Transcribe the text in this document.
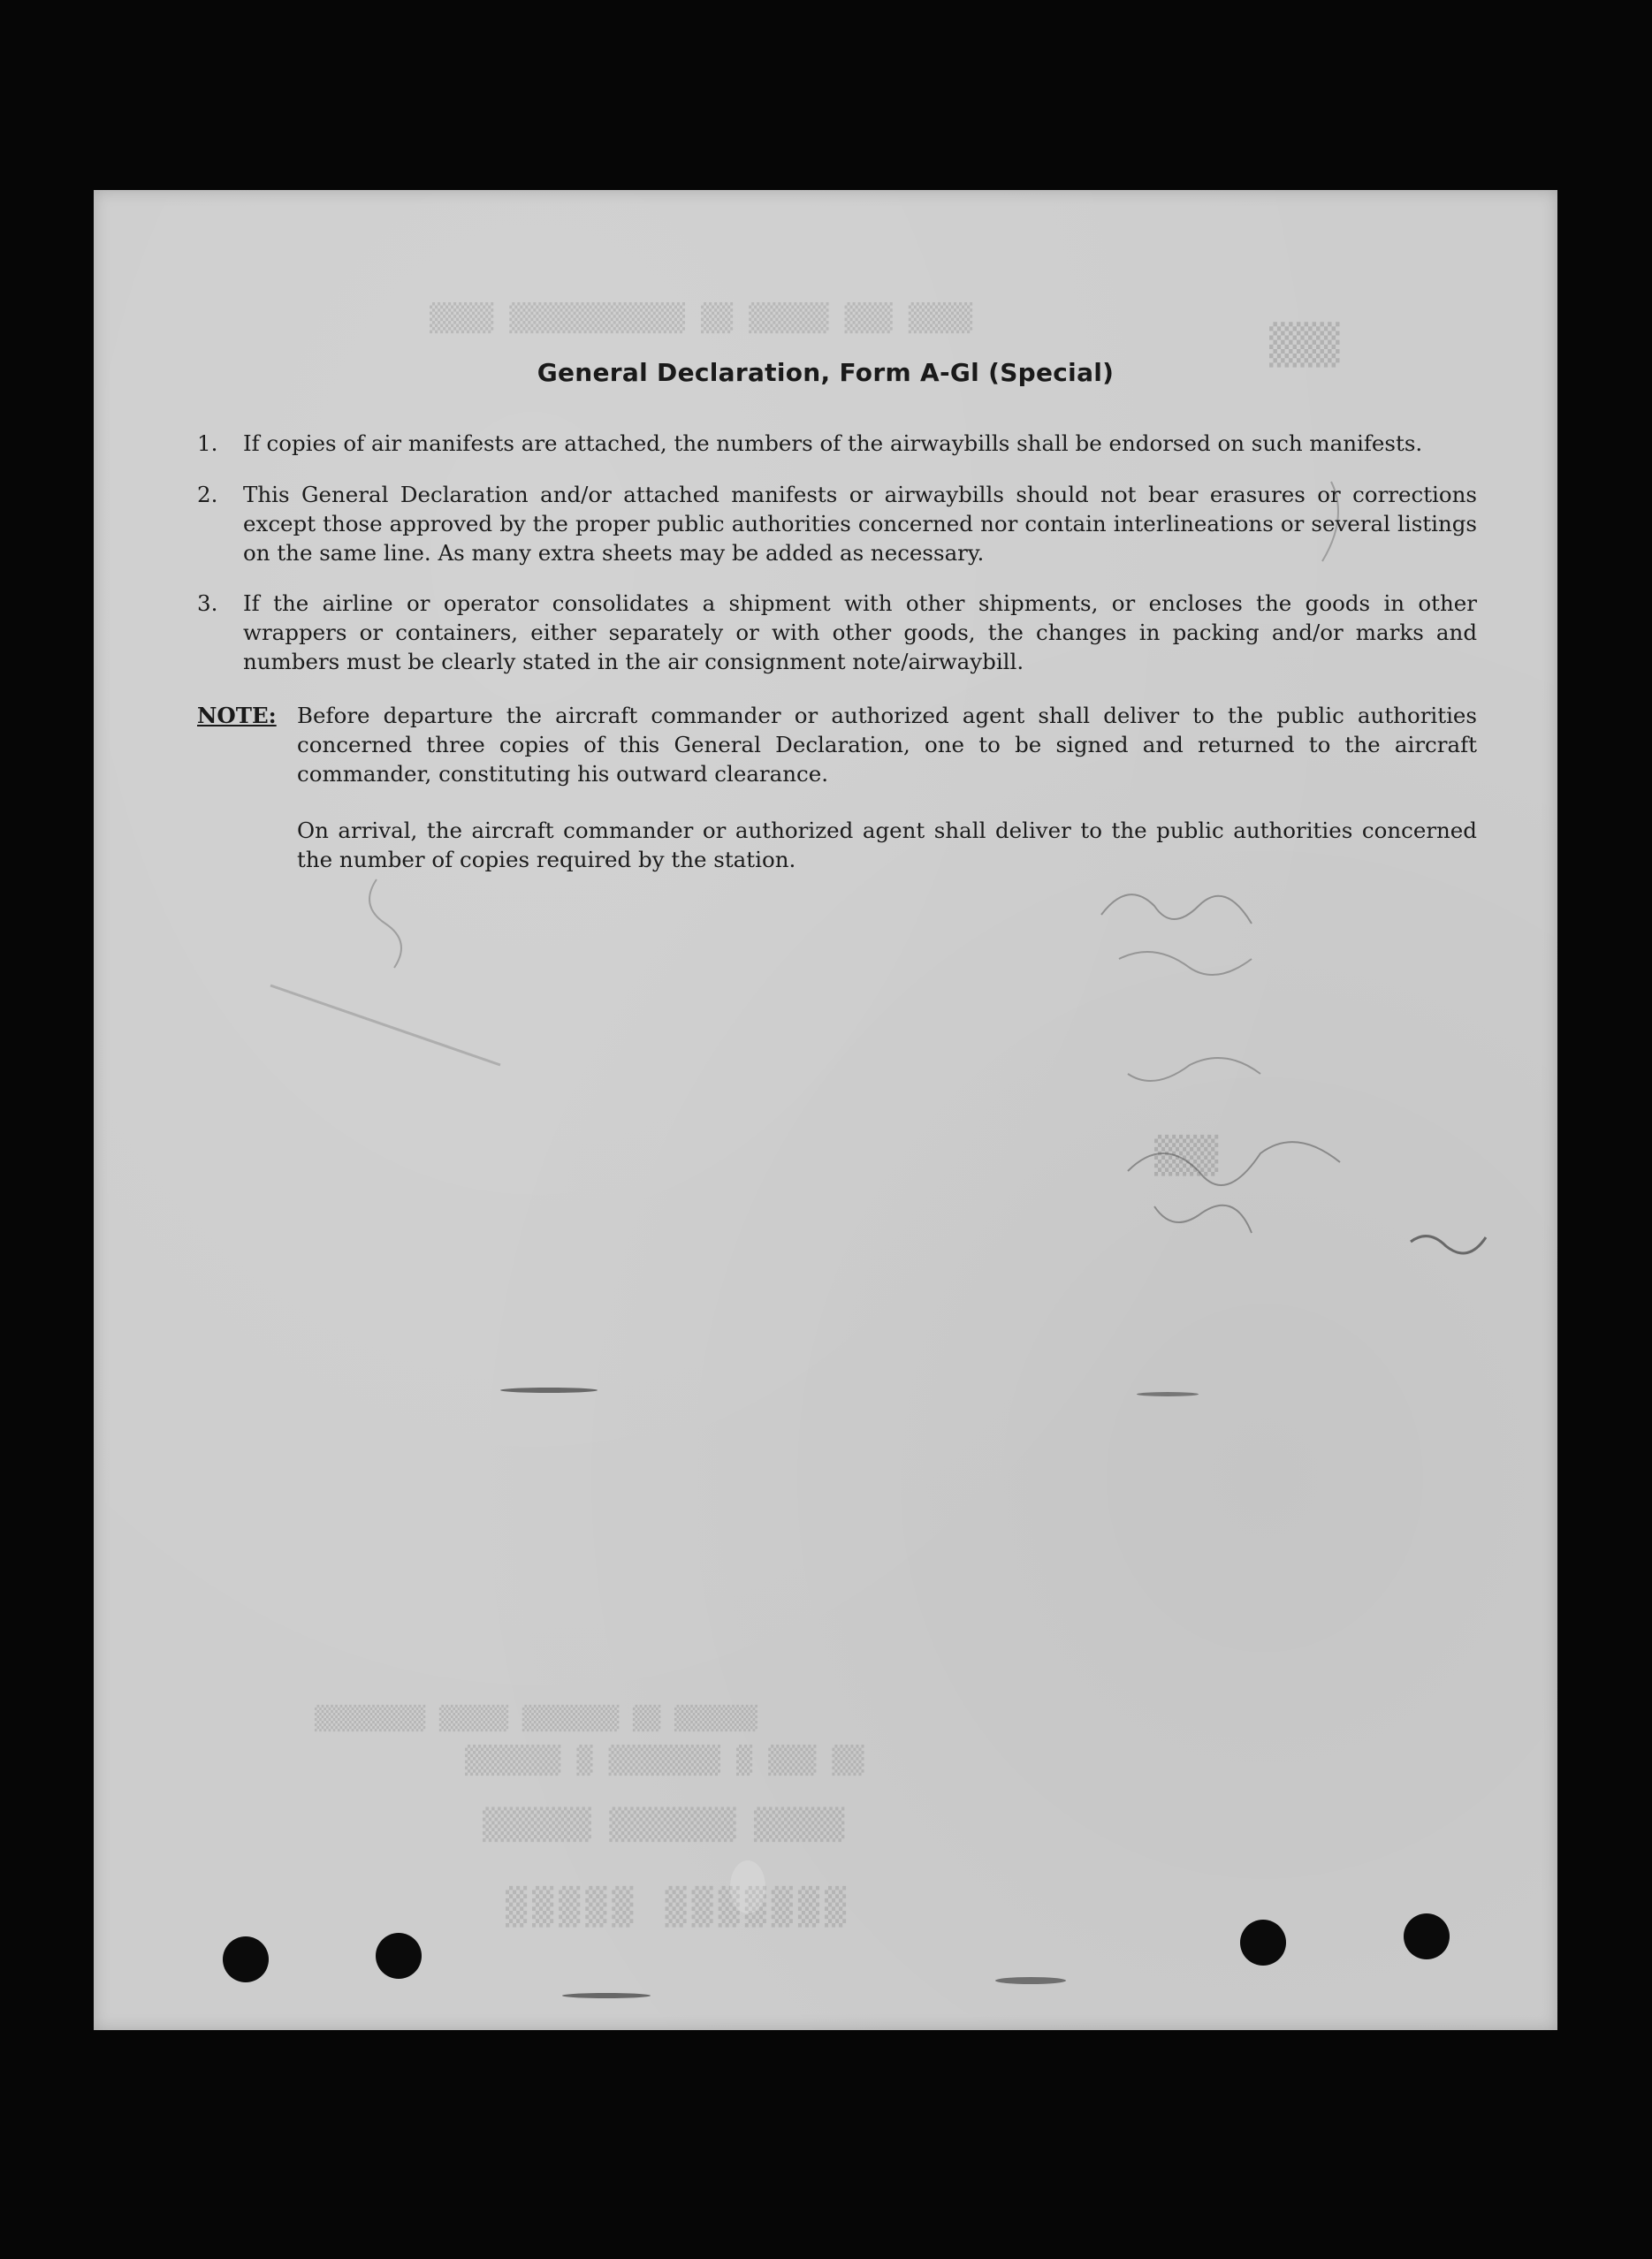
▒▒▒▒ ▒▒▒ ▒▒▒▒▒ ▒▒ ▒▒▒▒▒▒▒▒▒▒▒ ▒▒▒▒
▒▒▒
▒▒▒
▒▒▒▒▒▒ ▒▒ ▒▒▒▒▒▒▒ ▒▒▒▒▒ ▒▒▒▒▒▒▒▒
▒▒ ▒▒▒ ▒ ▒▒▒▒▒▒▒ ▒ ▒▒▒▒▒▒
▒▒▒▒▒ ▒▒▒▒▒▒▒ ▒▒▒▒▒▒
▒▒▒▒▒▒▒ ▒▒▒▒▒
General Declaration, Form A-Gl (Special)
1. If copies of air manifests are attached, the numbers of the airwaybills shall be endorsed on such manifests.

2. This General Declaration and/or attached manifests or airwaybills should not bear erasures or corrections except those approved by the proper public authorities concerned nor contain interlineations or several listings on the same line. As many extra sheets may be added as necessary.

3. If the airline or operator consolidates a shipment with other shipments, or encloses the goods in other wrappers or containers, either separately or with other goods, the changes in packing and/or marks and numbers must be clearly stated in the air consignment note/airwaybill.

NOTE: Before departure the aircraft commander or authorized agent shall deliver to the public authorities concerned three copies of this General Declaration, one to be signed and returned to the aircraft commander, constituting his outward clearance.

On arrival, the aircraft commander or authorized agent shall deliver to the public authorities concerned the number of copies required by the station.
